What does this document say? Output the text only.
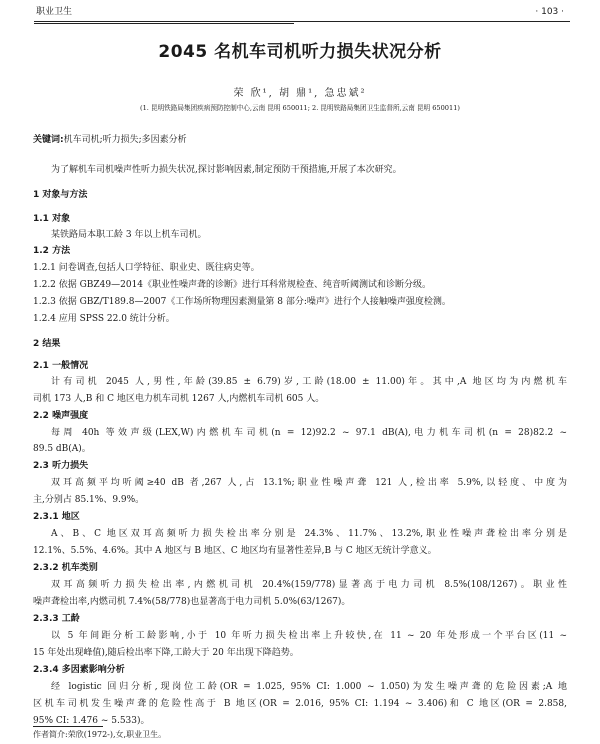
职业卫生	· 103 ·
2045 名机车司机听力损失状况分析
荣 欣¹, 胡 鼎¹, 急忠斌²
(1. 昆明铁路局集团疾病预防控制中心,云南 昆明 650011; 2. 昆明铁路局集团卫生监督所,云南 昆明 650011)
关键词:机车司机;听力损失;多因素分析
为了解机车司机噪声性听力损失状况,探讨影响因素,制定预防干预措施,开展了本次研究。
1 对象与方法
1.1 对象
某铁路局本职工龄 3 年以上机车司机。
1.2 方法
1.2.1 问卷调查,包括人口学特征、职业史、既往病史等。
1.2.2 依据 GBZ49—2014《职业性噪声聋的诊断》进行耳科常规检查、纯音听阈测试和诊断分级。
1.2.3 依据 GBZ/T189.8—2007《工作场所物理因素测量第 8 部分:噪声》进行个人接触噪声强度检测。
1.2.4 应用 SPSS 22.0 统计分析。
2 结果
2.1 一般情况
计有司机 2045 人,男性,年龄(39.85 ± 6.79)岁,工龄(18.00 ± 11.00)年。其中,A 地区均为内燃机车
司机 173 人,B 和 C 地区电力机车司机 1267 人,内燃机车司机 605 人。
2.2 噪声强度
每周 40h 等效声级(LEX,W)内燃机车司机(n = 12)92.2 ~ 97.1 dB(A),电力机车司机(n = 28)82.2 ~
89.5 dB(A)。
2.3 听力损失
双耳高频平均听阈≥40 dB 者,267 人,占 13.1%;职业性噪声聋 121 人,检出率 5.9%,以轻度、中度为
主,分别占 85.1%、9.9%。
2.3.1 地区
A、B、C 地区双耳高频听力损失检出率分别是 24.3%、11.7%、13.2%,职业性噪声聋检出率分别是
12.1%、5.5%、4.6%。其中 A 地区与 B 地区、C 地区均有显著性差异,B 与 C 地区无统计学意义。
2.3.2 机车类别
双耳高频听力损失检出率,内燃机司机 20.4%(159/778)显著高于电力司机 8.5%(108/1267)。职业性
噪声聋检出率,内燃司机 7.4%(58/778)也显著高于电力司机 5.0%(63/1267)。
2.3.3 工龄
以 5 年间距分析工龄影响,小于 10 年听力损失检出率上升较快,在 11 ~ 20 年处形成一个平台区(11 ~
15 年处出现峰值),随后检出率下降,工龄大于 20 年出现下降趋势。
2.3.4 多因素影响分析
经 logistic 回归分析,现岗位工龄(OR = 1.025, 95% CI: 1.000 ~ 1.050)为发生噪声聋的危险因素;A 地
区机车司机发生噪声聋的危险性高于 B 地区(OR = 2.016, 95% CI: 1.194 ~ 3.406)和 C 地区(OR = 2.858,
95% CI: 1.476 ~ 5.533)。
作者简介:荣欣(1972-),女,职业卫生。
